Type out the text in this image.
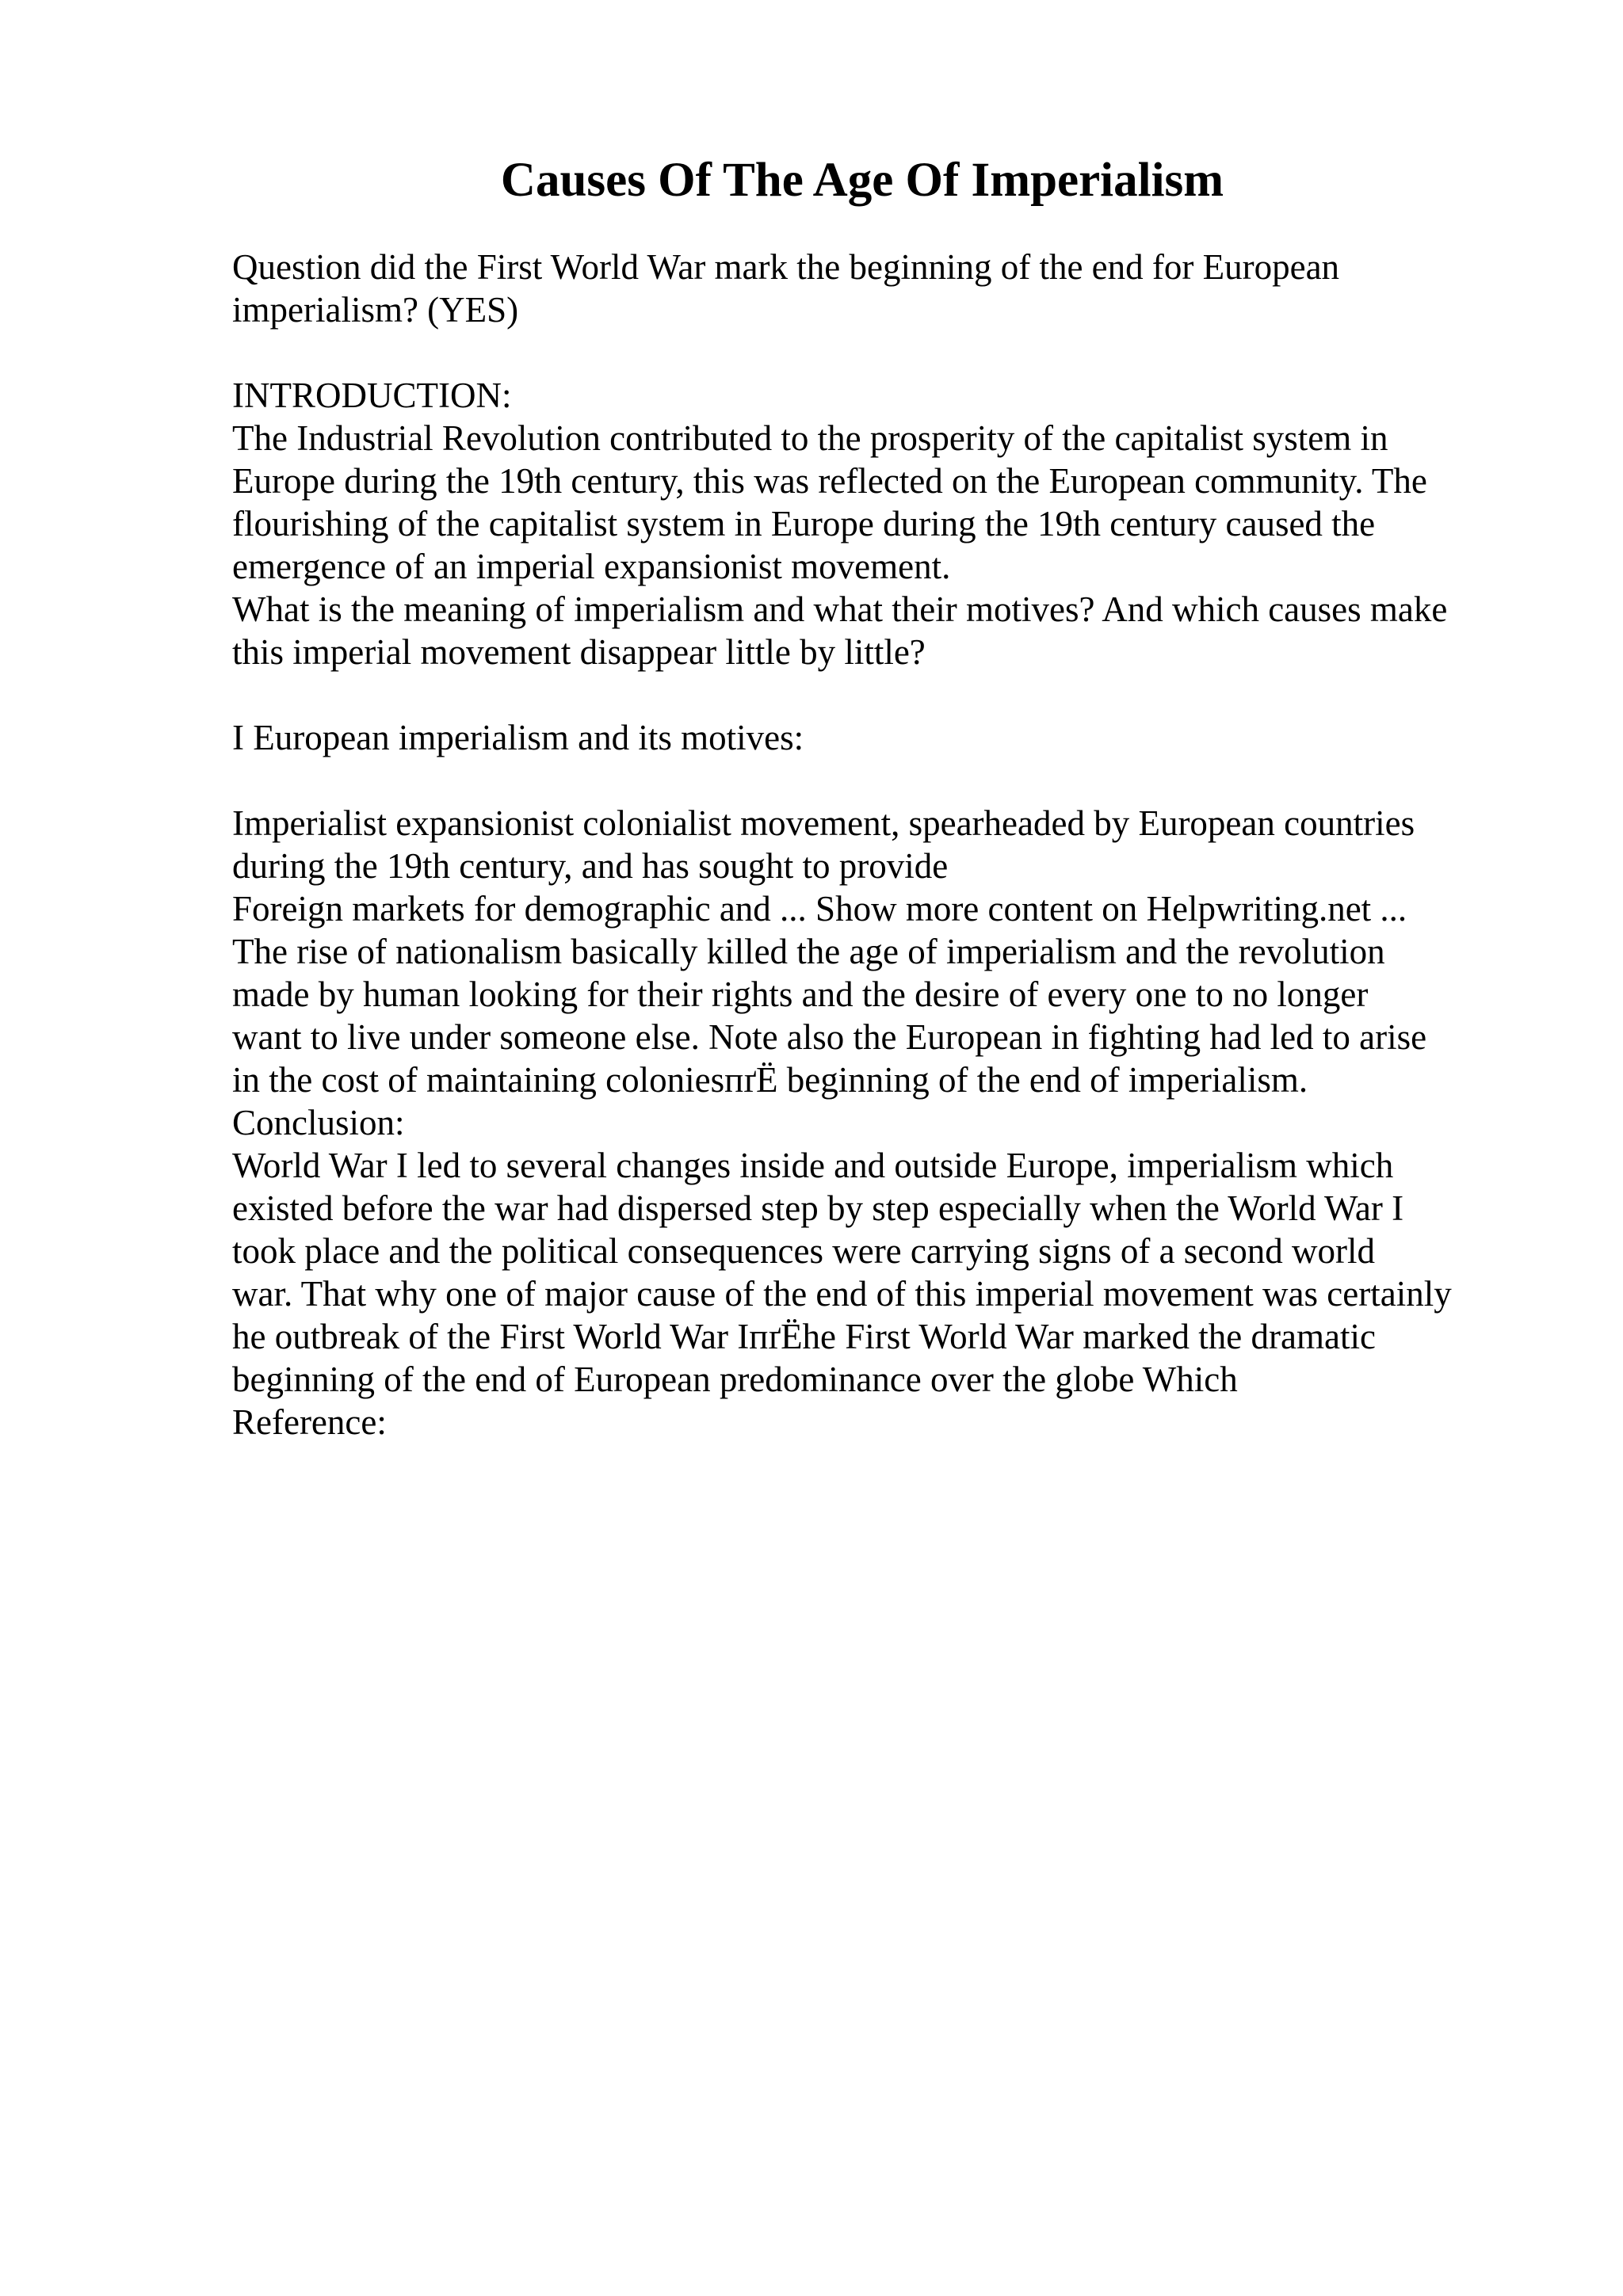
Causes Of The Age Of Imperialism

Question did the First World War mark the beginning of the end for European

imperialism? (YES)

INTRODUCTION:

The Industrial Revolution contributed to the prosperity of the capitalist system in

Europe during the 19th century, this was reflected on the European community. The

flourishing of the capitalist system in Europe during the 19th century caused the

emergence of an imperial expansionist movement.

What is the meaning of imperialism and what their motives? And which causes make

this imperial movement disappear little by little?

I European imperialism and its motives:

Imperialist expansionist colonialist movement, spearheaded by European countries

during the 19th century, and has sought to provide

Foreign markets for demographic and ... Show more content on Helpwriting.net ...

The rise of nationalism basically killed the age of imperialism and the revolution

made by human looking for their rights and the desire of every one to no longer

want to live under someone else. Note also the European in fighting had led to arise

in the cost of maintaining coloniesпґЁ beginning of the end of imperialism.

Conclusion:

World War I led to several changes inside and outside Europe, imperialism which

existed before the war had dispersed step by step especially when the World War I

took place and the political consequences were carrying signs of a second world

war. That why one of major cause of the end of this imperial movement was certainly

he outbreak of the First World War IпґЁhe First World War marked the dramatic

beginning of the end of European predominance over the globe Which

Reference:
